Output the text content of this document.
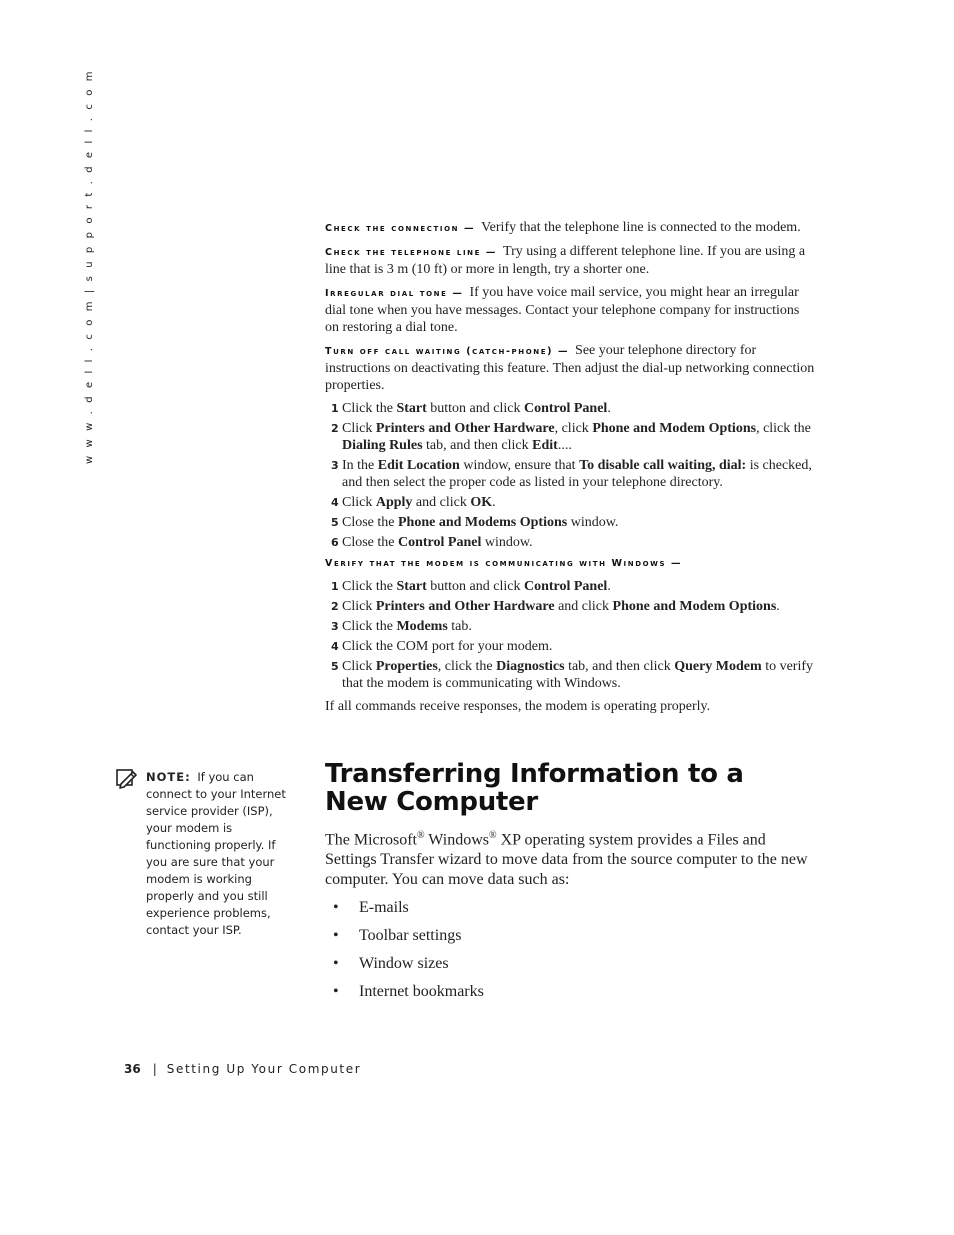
w w w . d e l l . c o m | s u p p o r t . d e l l . c o m	Check the connection — Verify that the telephone line is connected to the modem.

Check the telephone line — Try using a different telephone line. If you are using a line that is 3 m (10 ft) or more in length, try a shorter one.

Irregular dial tone — If you have voice mail service, you might hear an irregular dial tone when you have messages. Contact your telephone company for instructions on restoring a dial tone.

Turn off call waiting (catch-phone) — See your telephone directory for instructions on deactivating this feature. Then adjust the dial-up networking connection properties.

1 Click the Start button and click Control Panel.
2 Click Printers and Other Hardware, click Phone and Modem Options, click the Dialing Rules tab, and then click Edit....
3 In the Edit Location window, ensure that To disable call waiting, dial: is checked, and then select the proper code as listed in your telephone directory.
4 Click Apply and click OK.
5 Close the Phone and Modems Options window.
6 Close the Control Panel window.

Verify that the modem is communicating with Windows —

1 Click the Start button and click Control Panel.
2 Click Printers and Other Hardware and click Phone and Modem Options.
3 Click the Modems tab.
4 Click the COM port for your modem.
5 Click Properties, click the Diagnostics tab, and then click Query Modem to verify that the modem is communicating with Windows.

If all commands receive responses, the modem is operating properly.

NOTE: If you can connect to your Internet service provider (ISP), your modem is functioning properly. If you are sure that your modem is working properly and you still experience problems, contact your ISP.
Transferring Information to a New Computer

The Microsoft® Windows® XP operating system provides a Files and Settings Transfer wizard to move data from the source computer to the new computer. You can move data such as:

• E-mails
• Toolbar settings
• Window sizes
• Internet bookmarks
36 | Setting Up Your Computer
